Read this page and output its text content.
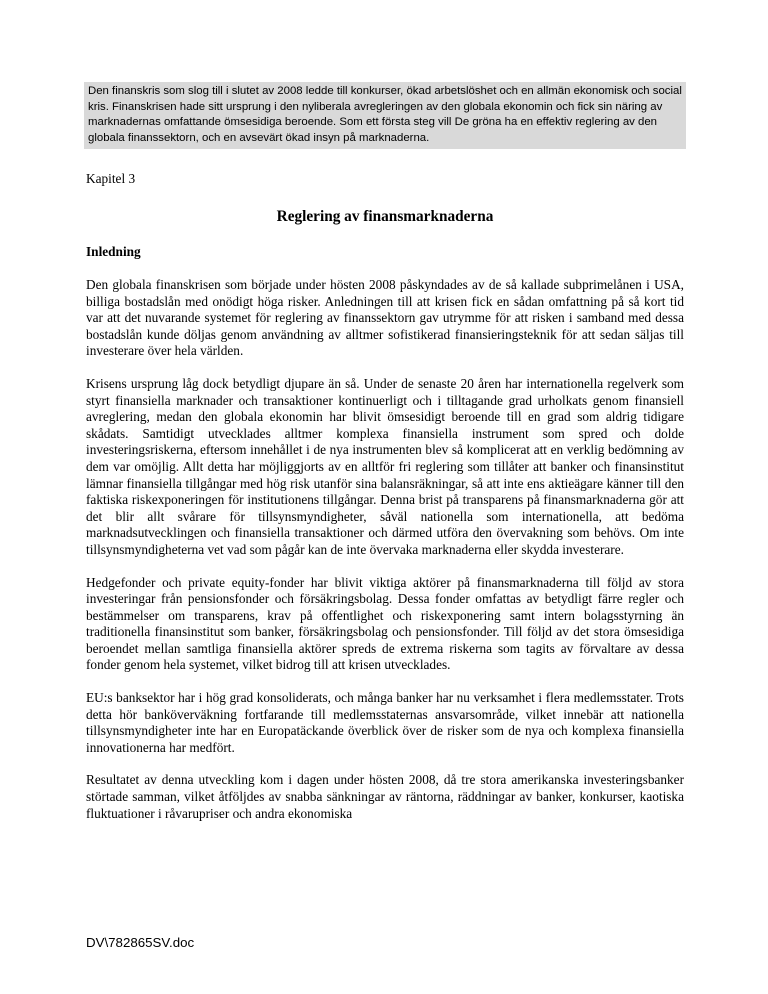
Den finanskris som slog till i slutet av 2008 ledde till konkurser, ökad arbetslöshet och en allmän ekonomisk och social kris. Finanskrisen hade sitt ursprung i den nyliberala avregleringen av den globala ekonomin och fick sin näring av marknadernas omfattande ömsesidiga beroende. Som ett första steg vill De gröna ha en effektiv reglering av den globala finanssektorn, och en avsevärt ökad insyn på marknaderna.
Kapitel 3
Reglering av finansmarknaderna
Inledning

Den globala finanskrisen som började under hösten 2008 påskyndades av de så kallade subprimelånen i USA, billiga bostadslån med onödigt höga risker. Anledningen till att krisen fick en sådan omfattning på så kort tid var att det nuvarande systemet för reglering av finanssektorn gav utrymme för att risken i samband med dessa bostadslån kunde döljas genom användning av alltmer sofistikerad finansieringsteknik för att sedan säljas till investerare över hela världen.

Krisens ursprung låg dock betydligt djupare än så. Under de senaste 20 åren har internationella regelverk som styrt finansiella marknader och transaktioner kontinuerligt och i tilltagande grad urholkats genom finansiell avreglering, medan den globala ekonomin har blivit ömsesidigt beroende till en grad som aldrig tidigare skådats. Samtidigt utvecklades alltmer komplexa finansiella instrument som spred och dolde investeringsriskerna, eftersom innehållet i de nya instrumenten blev så komplicerat att en verklig bedömning av dem var omöjlig. Allt detta har möjliggjorts av en alltför fri reglering som tillåter att banker och finansinstitut lämnar finansiella tillgångar med hög risk utanför sina balansräkningar, så att inte ens aktieägare känner till den faktiska riskexponeringen för institutionens tillgångar. Denna brist på transparens på finansmarknaderna gör att det blir allt svårare för tillsynsmyndigheter, såväl nationella som internationella, att bedöma marknadsutvecklingen och finansiella transaktioner och därmed utföra den övervakning som behövs. Om inte tillsynsmyndigheterna vet vad som pågår kan de inte övervaka marknaderna eller skydda investerare.

Hedgefonder och private equity-fonder har blivit viktiga aktörer på finansmarknaderna till följd av stora investeringar från pensionsfonder och försäkringsbolag. Dessa fonder omfattas av betydligt färre regler och bestämmelser om transparens, krav på offentlighet och riskexponering samt intern bolagsstyrning än traditionella finansinstitut som banker, försäkringsbolag och pensionsfonder. Till följd av det stora ömsesidiga beroendet mellan samtliga finansiella aktörer spreds de extrema riskerna som tagits av förvaltare av dessa fonder genom hela systemet, vilket bidrog till att krisen utvecklades.

EU:s banksektor har i hög grad konsoliderats, och många banker har nu verksamhet i flera medlemsstater. Trots detta hör banköverväkning fortfarande till medlemsstaternas ansvarsområde, vilket innebär att nationella tillsynsmyndigheter inte har en Europatäckande överblick över de risker som de nya och komplexa finansiella innovationerna har medfört.

Resultatet av denna utveckling kom i dagen under hösten 2008, då tre stora amerikanska investeringsbanker störtade samman, vilket åtföljdes av snabba sänkningar av räntorna, räddningar av banker, konkurser, kaotiska fluktuationer i råvarupriser och andra ekonomiska

DV\782865SV.doc
